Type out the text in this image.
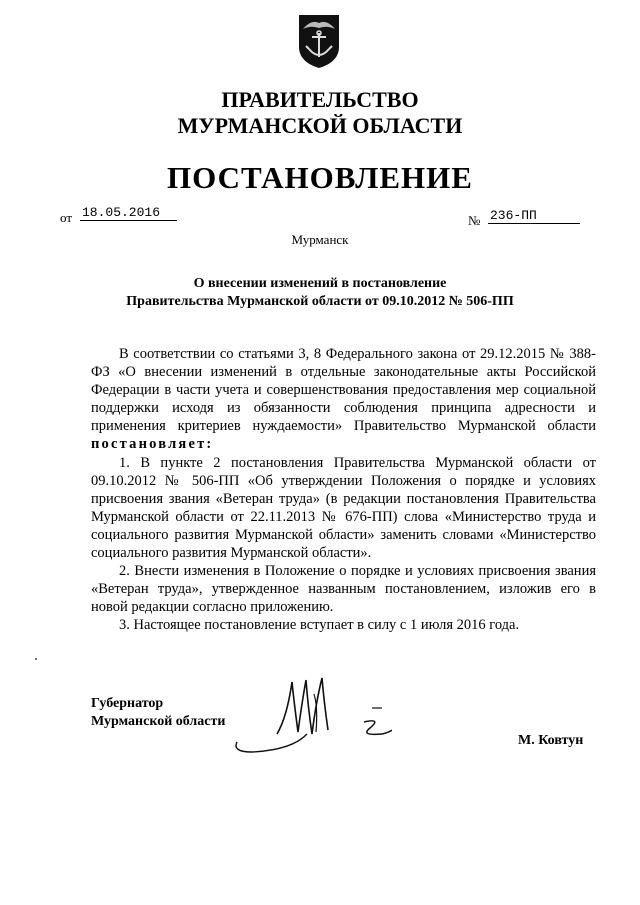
ПРАВИТЕЛЬСТВО
МУРМАНСКОЙ ОБЛАСТИ
ПОСТАНОВЛЕНИЕ
от 18.05.2016
№ 236-ПП
Мурманск
О внесении изменений в постановление
Правительства Мурманской области от 09.10.2012 № 506-ПП

В соответствии со статьями 3, 8 Федерального закона от 29.12.2015 № 388-ФЗ «О внесении изменений в отдельные законодательные акты Российской Федерации в части учета и совершенствования предоставления мер социальной поддержки исходя из обязанности соблюдения принципа адресности и применения критериев нуждаемости» Правительство Мурманской области постановляет:

1. В пункте 2 постановления Правительства Мурманской области от 09.10.2012 № 506-ПП «Об утверждении Положения о порядке и условиях присвоения звания «Ветеран труда» (в редакции постановления Правительства Мурманской области от 22.11.2013 № 676-ПП) слова «Министерство труда и социального развития Мурманской области» заменить словами «Министерство социального развития Мурманской области».

2. Внести изменения в Положение о порядке и условиях присвоения звания «Ветеран труда», утвержденное названным постановлением, изложив его в новой редакции согласно приложению.

3. Настоящее постановление вступает в силу с 1 июля 2016 года.

Губернатор
Мурманской области
М. Ковтун
